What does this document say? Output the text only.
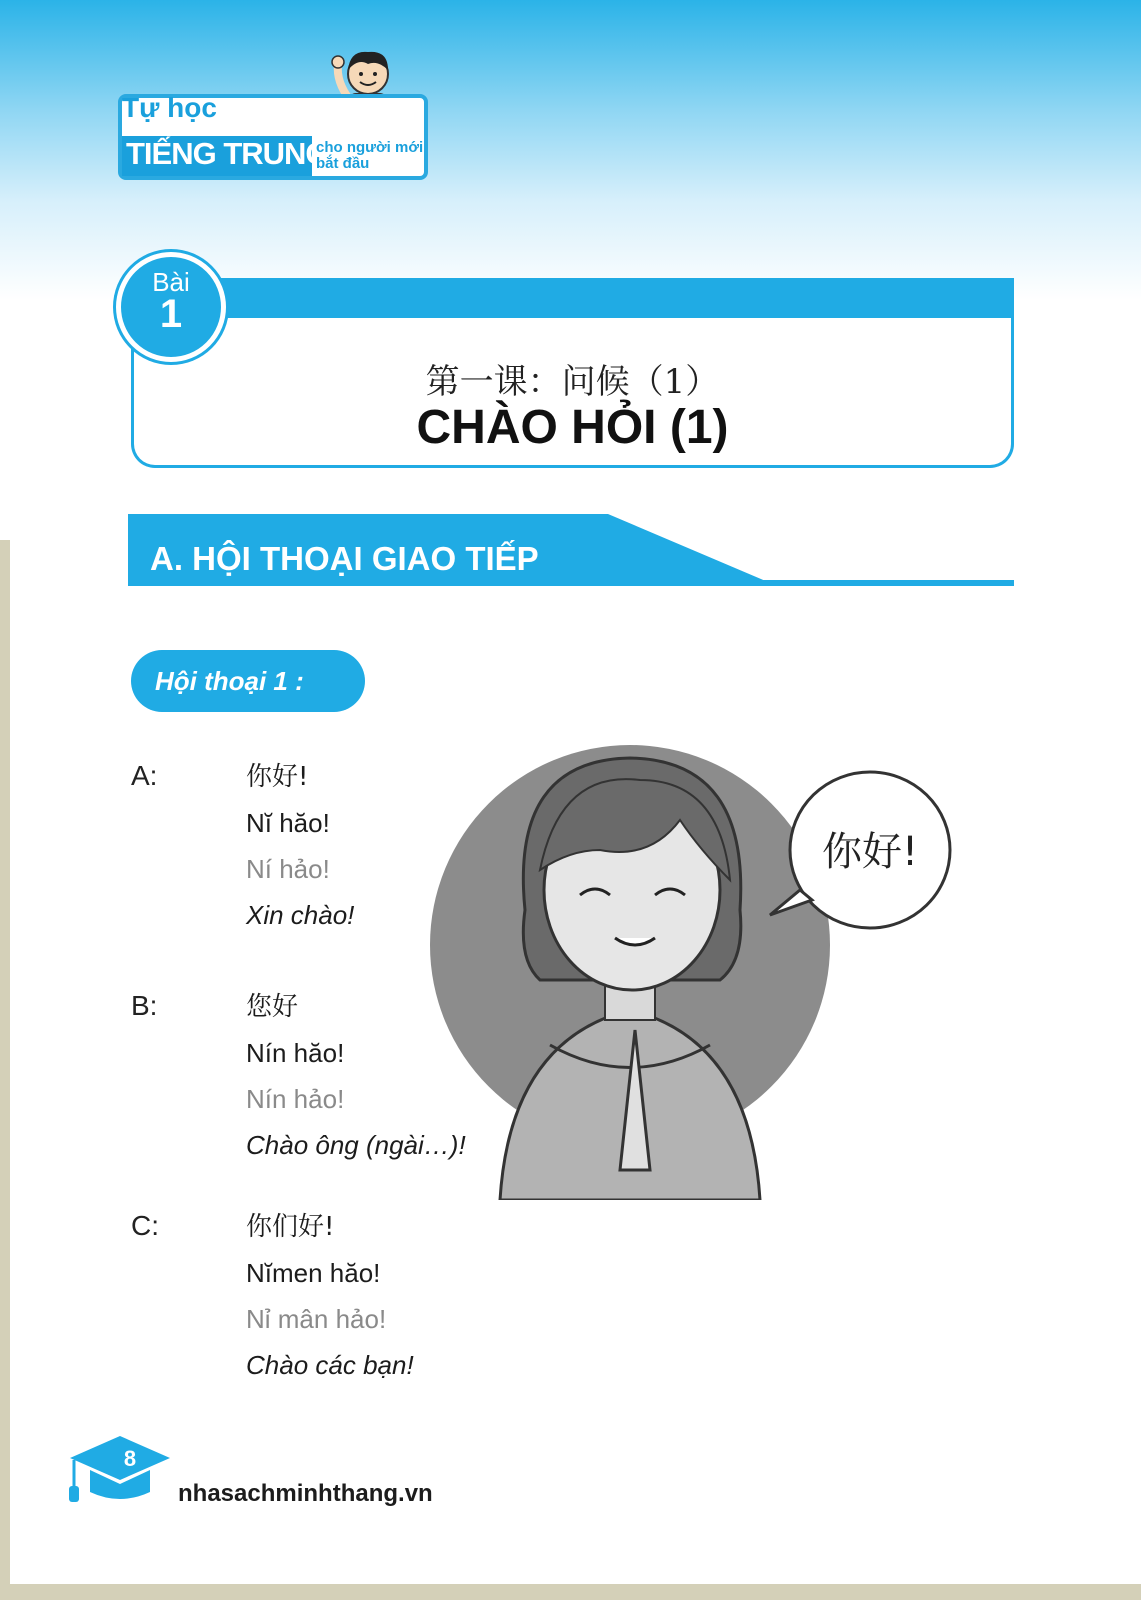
Tự học
TIẾNG TRUNG
cho người mới bắt đầu
Bài
1
第一课：问候（1）
CHÀO HỎI (1)
A. HỘI THOẠI GIAO TIẾP
Hội thoại 1 :
你好!
A:	你好!
Nĭ hăo!
Ní hảo!
Xin chào!
B:	您好
Nín hăo!
Nín hảo!
Chào ông (ngài…)!
C:	你们好!
Nĭmen hăo!
Nỉ mân hảo!
Chào các bạn!
8
nhasachminhthang.vn
